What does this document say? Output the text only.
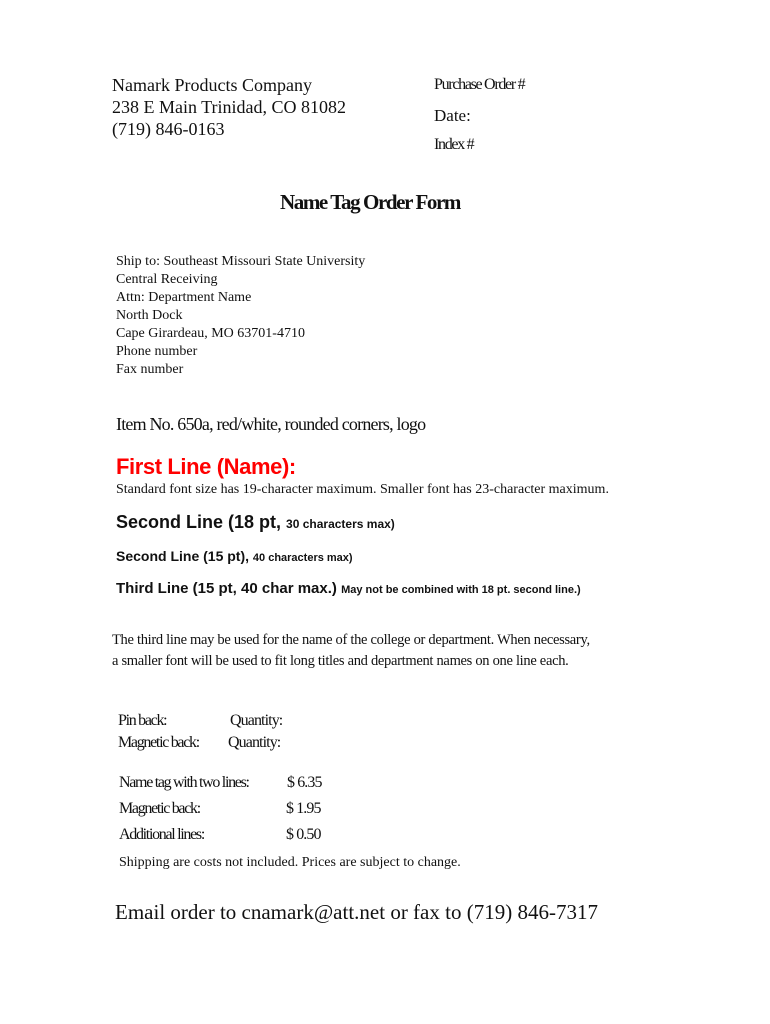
Namark Products Company
238 E Main Trinidad, CO 81082
(719) 846-0163
Purchase Order #
Date:
Index #
Name Tag Order Form
Ship to: Southeast Missouri State University
Central Receiving
Attn: Department Name
North Dock
Cape Girardeau, MO 63701-4710
Phone number
Fax number
Item No. 650a, red/white, rounded corners, logo
First Line (Name):
Standard font size has 19-character maximum. Smaller font has 23-character maximum.
Second Line (18 pt, 30 characters max)
Second Line (15 pt), 40 characters max)
Third Line (15 pt, 40 char max.) May not be combined with 18 pt. second line.)
The third line may be used for the name of the college or department. When necessary,
a smaller font will be used to fit long titles and department names on one line each.
Pin back:	Quantity:
Magnetic back: Quantity:
Name tag with two lines: $ 6.35
Magnetic back:	$ 1.95
Additional lines:	$ 0.50
Shipping are costs not included. Prices are subject to change.
Email order to cnamark@att.net or fax to (719) 846-7317
